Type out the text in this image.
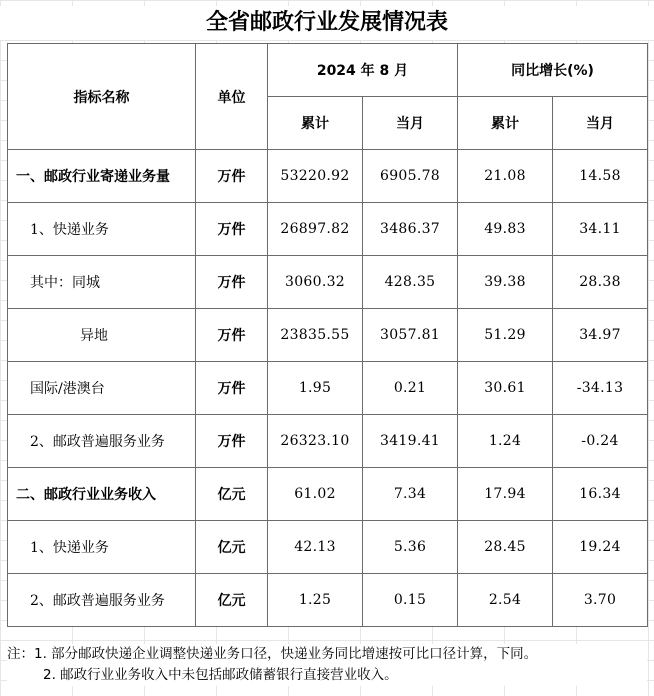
全省邮政行业发展情况表
指标名称	单位	2024 年 8 月		同比增长(%)	
		累计	当月	累计	当月
一、邮政行业寄递业务量	万件	53220.92	6905.78	21.08	14.58
1、快递业务	万件	26897.82	3486.37	49.83	34.11
其中：同城	万件	3060.32	428.35	39.38	28.38
异地	万件	23835.55	3057.81	51.29	34.97
国际/港澳台	万件	1.95	0.21	30.61	-34.13
2、邮政普遍服务业务	万件	26323.10	3419.41	1.24	-0.24
二、邮政行业业务收入	亿元	61.02	7.34	17.94	16.34
1、快递业务	亿元	42.13	5.36	28.45	19.24
2、邮政普遍服务业务	亿元	1.25	0.15	2.54	3.70
注：1. 部分邮政快递企业调整快递业务口径，快递业务同比增速按可比口径计算，下同。
2. 邮政行业业务收入中未包括邮政储蓄银行直接营业收入。
